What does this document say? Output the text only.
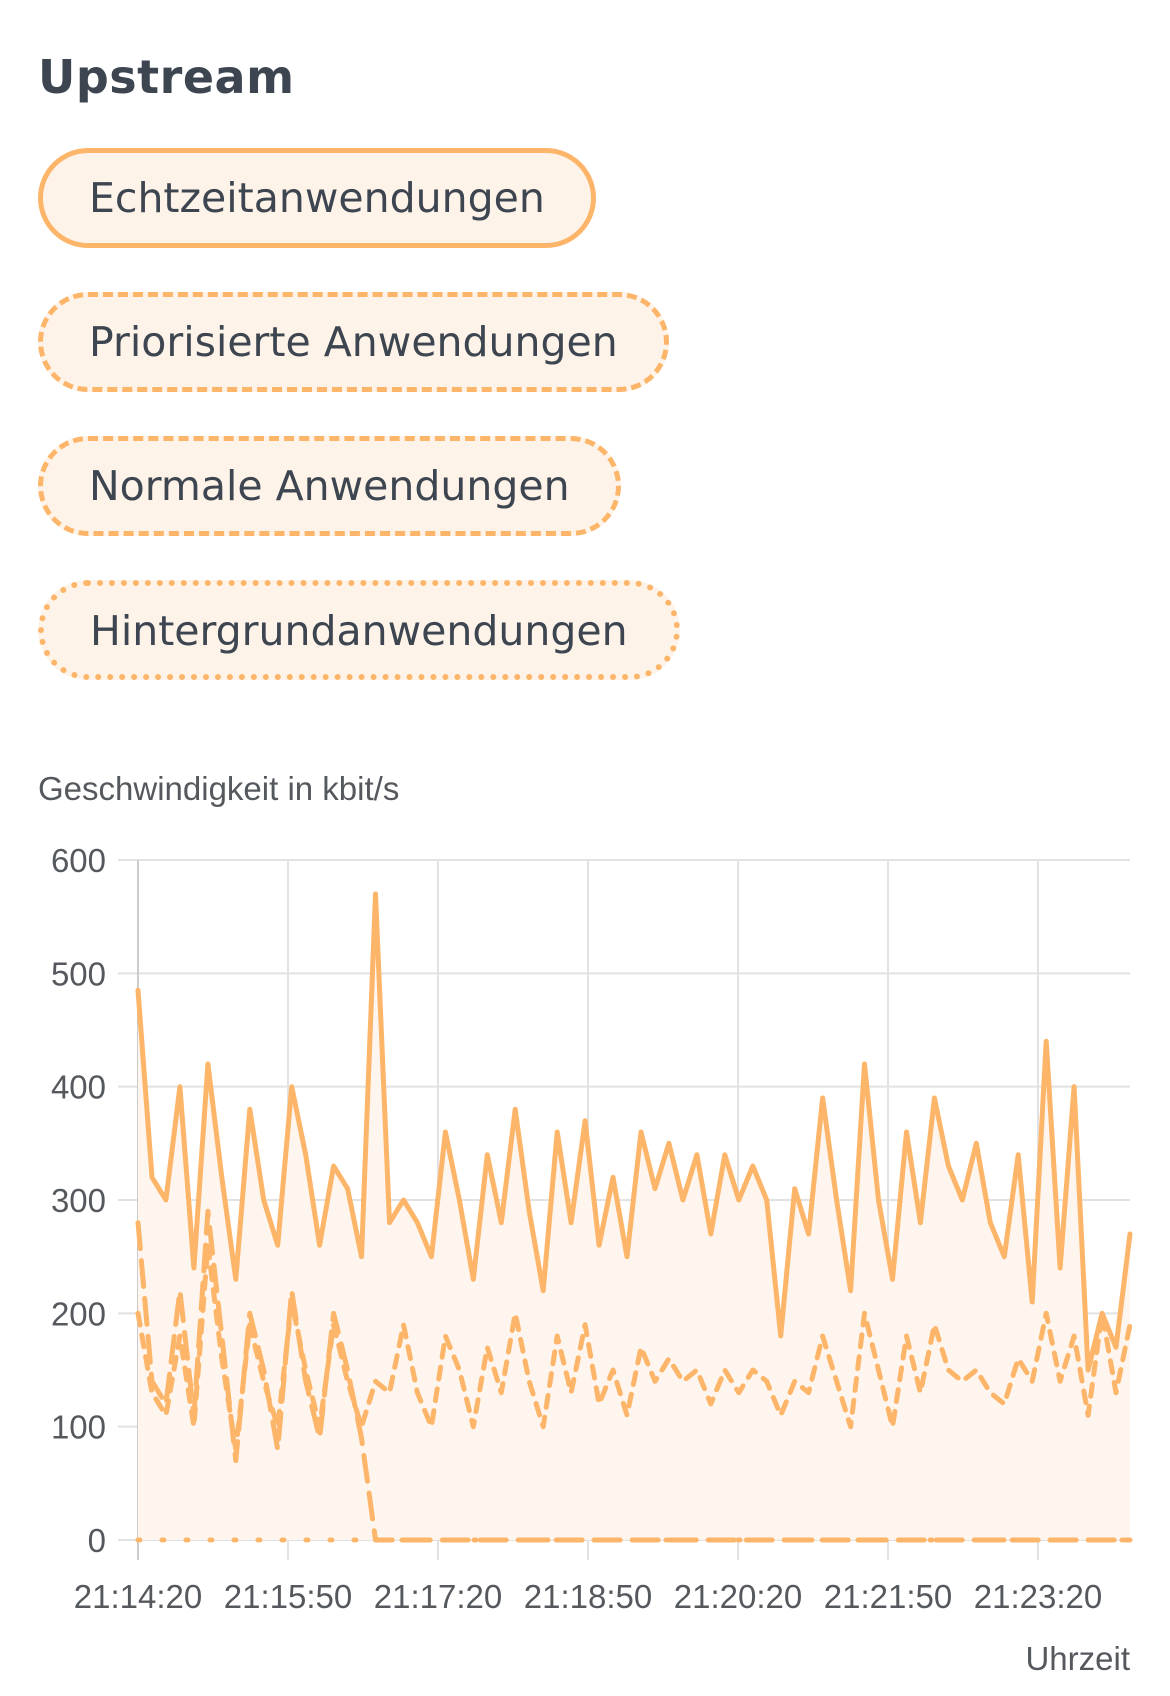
Upstream
Echtzeitanwendungen
Priorisierte Anwendungen
Normale Anwendungen
Hintergrundanwendungen
Geschwindigkeit in kbit/s
0
100
200
300
400
500
600
21:14:20 21:15:50 21:17:20 21:18:50 21:20:20 21:21:50 21:23:20
Uhrzeit
